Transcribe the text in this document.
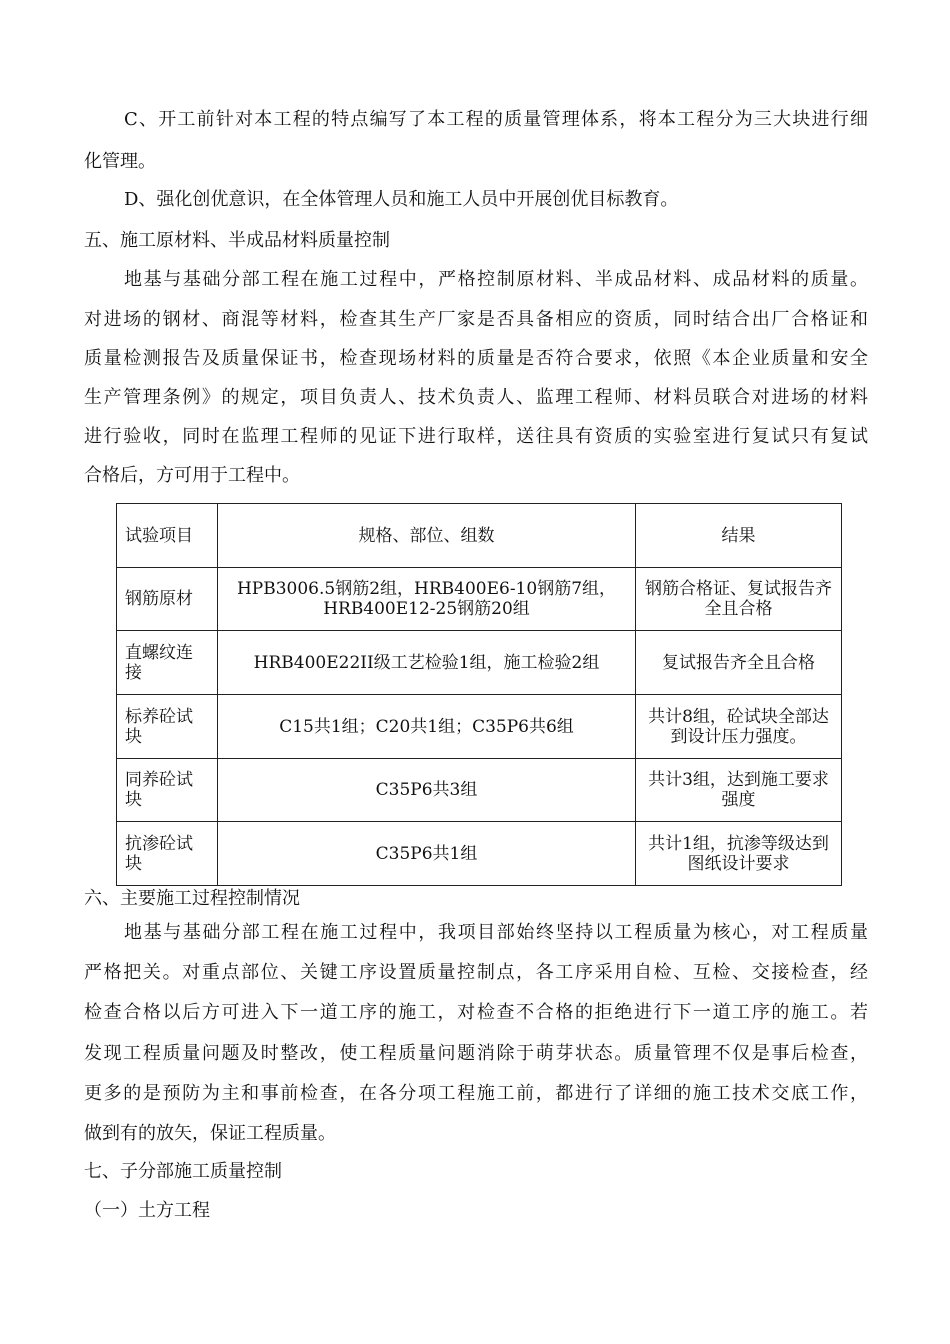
C、开工前针对本工程的特点编写了本工程的质量管理体系，将本工程分为三大块进行细
化管理。
D、强化创优意识，在全体管理人员和施工人员中开展创优目标教育。
五、施工原材料、半成品材料质量控制
地基与基础分部工程在施工过程中，严格控制原材料、半成品材料、成品材料的质量。
对进场的钢材、商混等材料，检查其生产厂家是否具备相应的资质，同时结合出厂合格证和
质量检测报告及质量保证书，检查现场材料的质量是否符合要求，依照《本企业质量和安全
生产管理条例》的规定，项目负责人、技术负责人、监理工程师、材料员联合对进场的材料
进行验收，同时在监理工程师的见证下进行取样，送往具有资质的实验室进行复试只有复试
合格后，方可用于工程中。
试验项目	规格、部位、组数	结果
钢筋原材	HPB3006.5钢筋2组，HRB400E6-10钢筋7组，HRB400E12-25钢筋20组	钢筋合格证、复试报告齐全且合格
直螺纹连接	HRB400E22II级工艺检验1组，施工检验2组	复试报告齐全且合格
标养砼试块	C15共1组；C20共1组；C35P6共6组	共计8组，砼试块全部达到设计压力强度。
同养砼试块	C35P6共3组	共计3组，达到施工要求强度
抗渗砼试块	C35P6共1组	共计1组，抗渗等级达到图纸设计要求
六、主要施工过程控制情况
地基与基础分部工程在施工过程中，我项目部始终坚持以工程质量为核心，对工程质量
严格把关。对重点部位、关键工序设置质量控制点，各工序采用自检、互检、交接检查，经
检查合格以后方可进入下一道工序的施工，对检查不合格的拒绝进行下一道工序的施工。若
发现工程质量问题及时整改，使工程质量问题消除于萌芽状态。质量管理不仅是事后检查，
更多的是预防为主和事前检查，在各分项工程施工前，都进行了详细的施工技术交底工作，
做到有的放矢，保证工程质量。
七、子分部施工质量控制
（一）土方工程
